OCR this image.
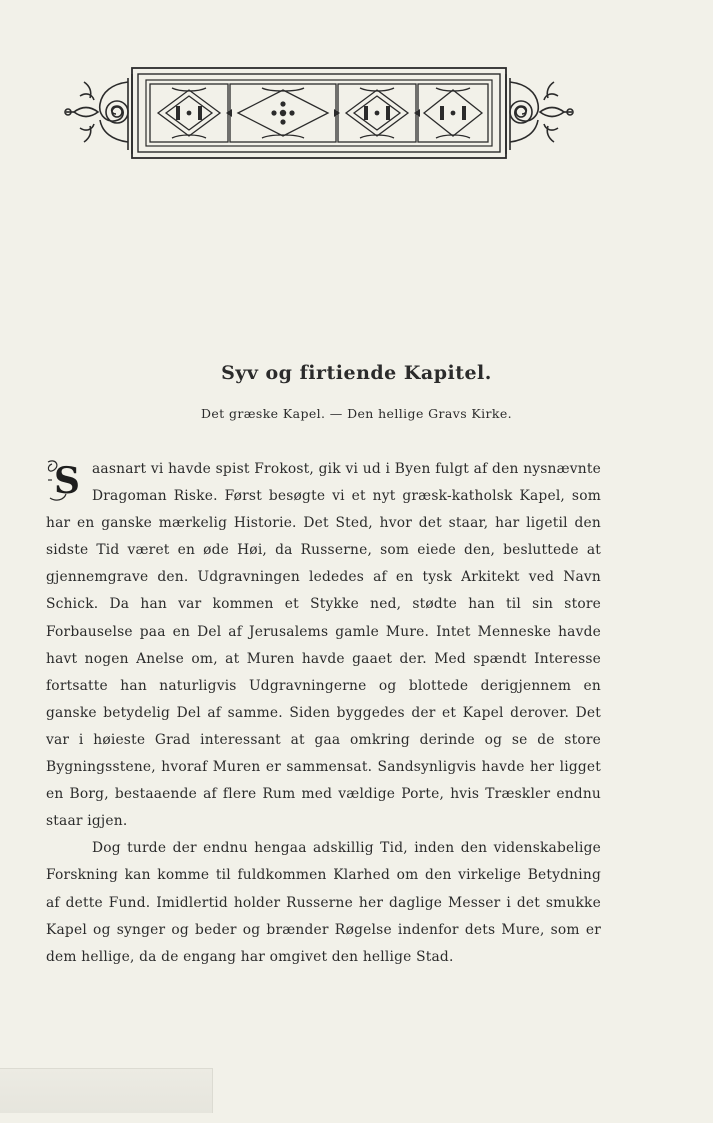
Syv og firtiende Kapitel.
Det græske Kapel. — Den hellige Gravs Kirke.

S aasnart vi havde spist Frokost, gik vi ud i Byen fulgt af den nysnævnte Dragoman Riske. Først besøgte vi et nyt græsk-katholsk Kapel, som har en ganske mærkelig Historie. Det Sted, hvor det staar, har ligetil den sidste Tid været en øde Høi, da Russerne, som eiede den, besluttede at gjennemgrave den. Udgravningen lededes af en tysk Arkitekt ved Navn Schick. Da han var kommen et Stykke ned, stødte han til sin store Forbauselse paa en Del af Jerusalems gamle Mure. Intet Menneske havde havt nogen Anelse om, at Muren havde gaaet der. Med spændt Interesse fortsatte han naturligvis Udgravningerne og blottede derigjennem en ganske betydelig Del af samme. Siden byggedes der et Kapel derover. Det var i høieste Grad interessant at gaa omkring derinde og se de store Bygningsstene, hvoraf Muren er sammensat. Sandsynligvis havde her ligget en Borg, bestaaende af flere Rum med vældige Porte, hvis Træskler endnu staar igjen.

Dog turde der endnu hengaa adskillig Tid, inden den videnskabelige Forskning kan komme til fuldkommen Klarhed om den virkelige Betydning af dette Fund. Imidlertid holder Russerne her daglige Messer i det smukke Kapel og synger og beder og brænder Røgelse indenfor dets Mure, som er dem hellige, da de engang har omgivet den hellige Stad.
